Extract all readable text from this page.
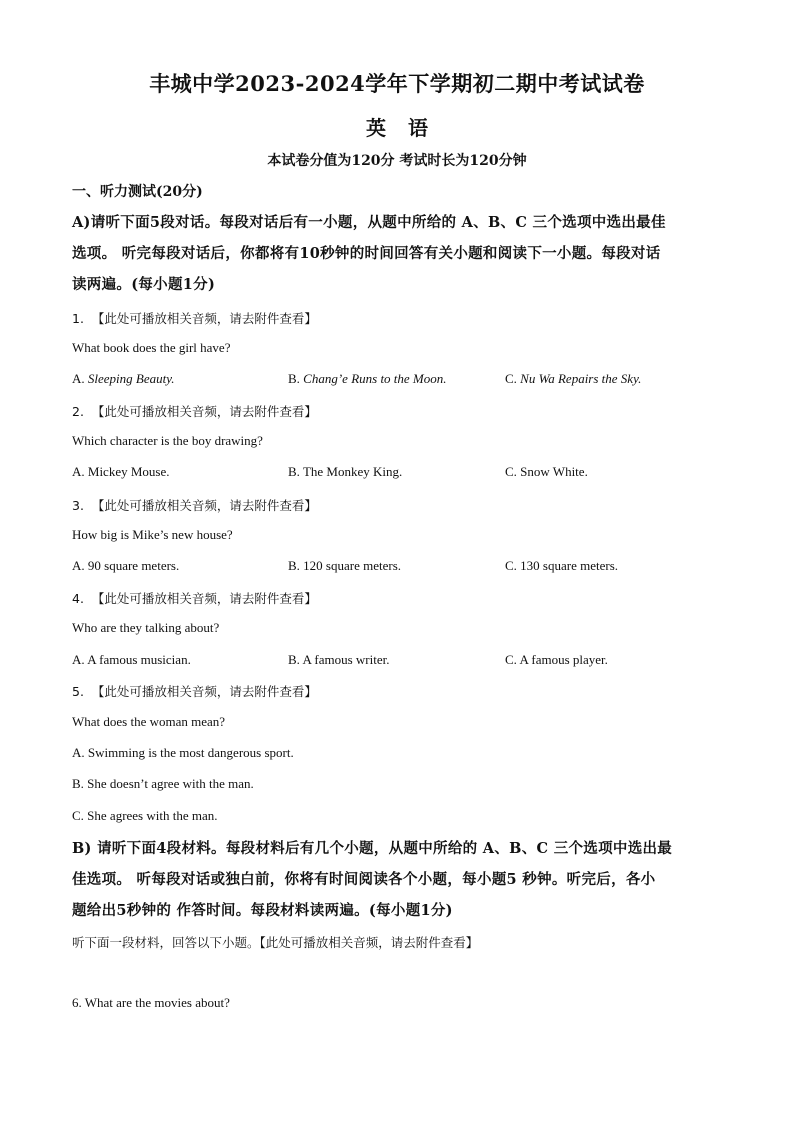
丰城中学2023-2024学年下学期初二期中考试试卷
英语
本试卷分值为120分 考试时长为120分钟
一、听力测试(20分)
A)请听下面5段对话。每段对话后有一小题，从题中所给的 A、B、C 三个选项中选出最佳
选项。 听完每段对话后，你都将有10秒钟的时间回答有关小题和阅读下一小题。每段对话
读两遍。(每小题1分)
1. 【此处可播放相关音频，请去附件查看】
What book does the girl have?
A. Sleeping Beauty.	B. Chang’e Runs to the Moon.	C. Nu Wa Repairs the Sky.
2. 【此处可播放相关音频，请去附件查看】
Which character is the boy drawing?
A. Mickey Mouse.	B. The Monkey King.	C. Snow White.
3. 【此处可播放相关音频，请去附件查看】
How big is Mike’s new house?
A. 90 square meters.	B. 120 square meters.	C. 130 square meters.
4. 【此处可播放相关音频，请去附件查看】
Who are they talking about?
A. A famous musician.	B. A famous writer.	C. A famous player.
5. 【此处可播放相关音频，请去附件查看】
What does the woman mean?
A. Swimming is the most dangerous sport.
B. She doesn’t agree with the man.
C. She agrees with the man.
B) 请听下面4段材料。每段材料后有几个小题，从题中所给的 A、B、C 三个选项中选出最
佳选项。 听每段对话或独白前，你将有时间阅读各个小题，每小题5 秒钟。听完后，各小
题给出5秒钟的 作答时间。每段材料读两遍。(每小题1分)
听下面一段材料，回答以下小题。【此处可播放相关音频，请去附件查看】
6. What are the movies about?
